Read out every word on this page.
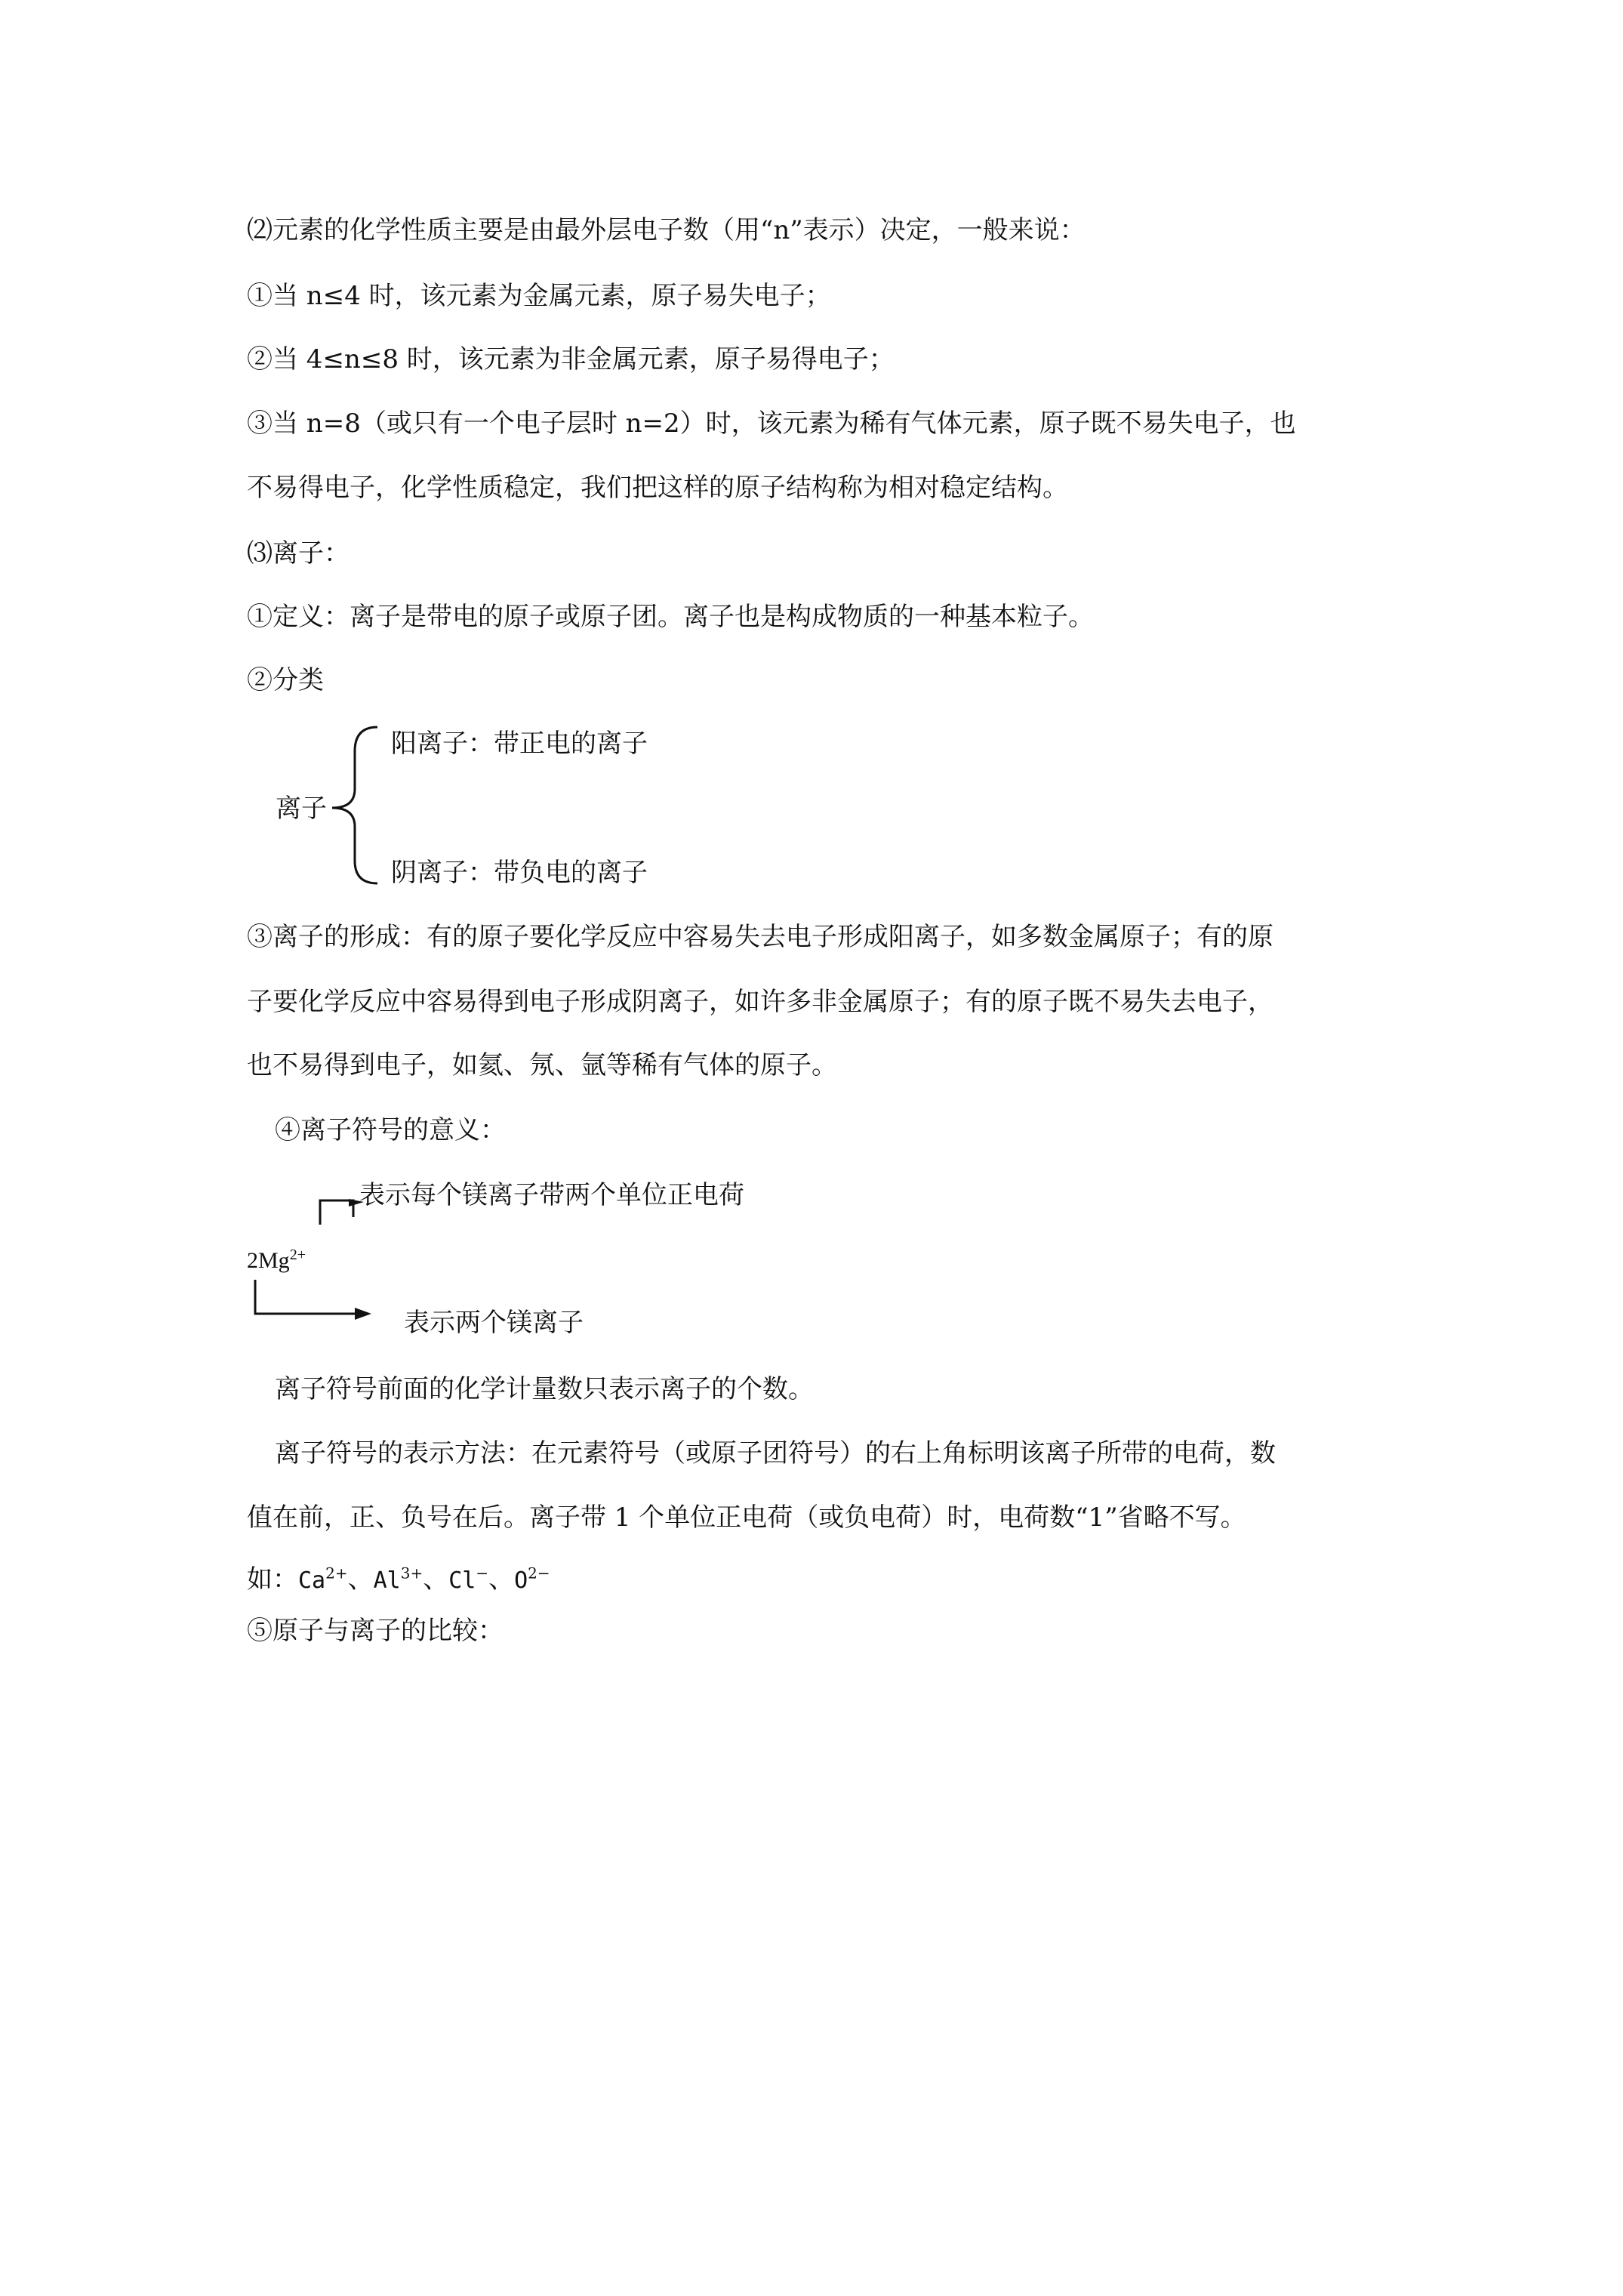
⑵元素的化学性质主要是由最外层电子数（用“n”表示）决定，一般来说：
①当 n≤4 时，该元素为金属元素，原子易失电子；
②当 4≤n≤8 时，该元素为非金属元素，原子易得电子；
③当 n=8（或只有一个电子层时 n=2）时，该元素为稀有气体元素，原子既不易失电子，也
不易得电子，化学性质稳定，我们把这样的原子结构称为相对稳定结构。
⑶离子：
①定义：离子是带电的原子或原子团。离子也是构成物质的一种基本粒子。
②分类
阳离子：带正电的离子
离子
阴离子：带负电的离子
③离子的形成：有的原子要化学反应中容易失去电子形成阳离子，如多数金属原子；有的原
子要化学反应中容易得到电子形成阴离子，如许多非金属原子；有的原子既不易失去电子，
也不易得到电子，如氦、氖、氩等稀有气体的原子。
④离子符号的意义：
表示每个镁离子带两个单位正电荷
$2Mg^{2+}$
表示两个镁离子
离子符号前面的化学计量数只表示离子的个数。
离子符号的表示方法：在元素符号（或原子团符号）的右上角标明该离子所带的电荷，数
值在前，正、负号在后。离子带 1 个单位正电荷（或负电荷）时，电荷数“1”省略不写。
如：$Ca^{2+}$、$Al^{3+}$、Cl−、$O^{2-}$
⑤原子与离子的比较：
